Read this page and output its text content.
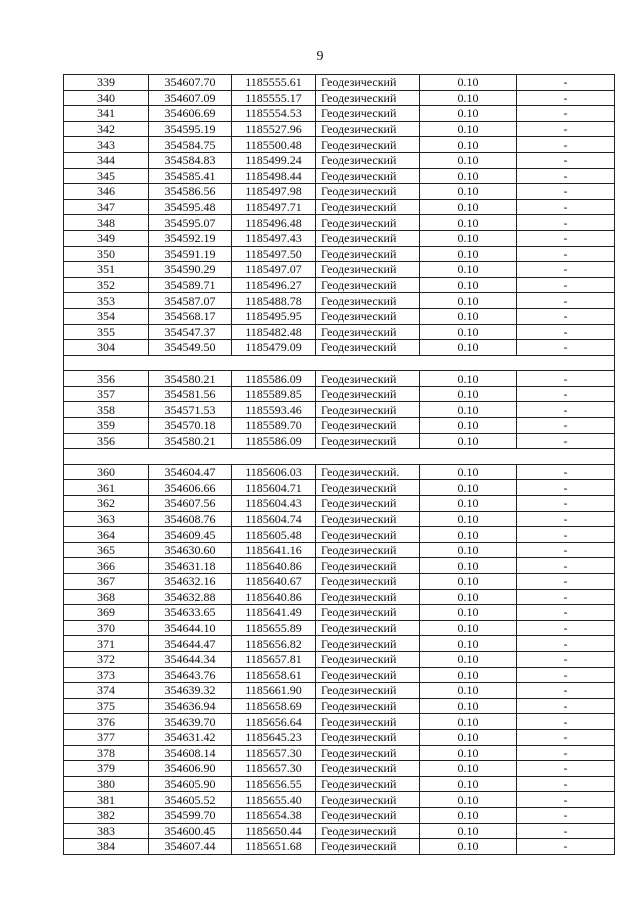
9
339	354607.70	1185555.61	Геодезический	0.10	-
340	354607.09	1185555.17	Геодезический	0.10	-
341	354606.69	1185554.53	Геодезический	0.10	-
342	354595.19	1185527.96	Геодезический	0.10	-
343	354584.75	1185500.48	Геодезический	0.10	-
344	354584.83	1185499.24	Геодезический	0.10	-
345	354585.41	1185498.44	Геодезический	0.10	-
346	354586.56	1185497.98	Геодезический	0.10	-
347	354595.48	1185497.71	Геодезический	0.10	-
348	354595.07	1185496.48	Геодезический	0.10	-
349	354592.19	1185497.43	Геодезический	0.10	-
350	354591.19	1185497.50	Геодезический	0.10	-
351	354590.29	1185497.07	Геодезический	0.10	-
352	354589.71	1185496.27	Геодезический	0.10	-
353	354587.07	1185488.78	Геодезический	0.10	-
354	354568.17	1185495.95	Геодезический	0.10	-
355	354547.37	1185482.48	Геодезический	0.10	-
304	354549.50	1185479.09	Геодезический	0.10	-

356	354580.21	1185586.09	Геодезический	0.10	-
357	354581.56	1185589.85	Геодезический	0.10	-
358	354571.53	1185593.46	Геодезический	0.10	-
359	354570.18	1185589.70	Геодезический	0.10	-
356	354580.21	1185586.09	Геодезический	0.10	-

360	354604.47	1185606.03	Геодезический.	0.10	-
361	354606.66	1185604.71	Геодезический	0.10	-
362	354607.56	1185604.43	Геодезический	0.10	-
363	354608.76	1185604.74	Геодезический	0.10	-
364	354609.45	1185605.48	Геодезический	0.10	-
365	354630.60	1185641.16	Геодезический	0.10	-
366	354631.18	1185640.86	Геодезический	0.10	-
367	354632.16	1185640.67	Геодезический	0.10	-
368	354632.88	1185640.86	Геодезический	0.10	-
369	354633.65	1185641.49	Геодезический	0.10	-
370	354644.10	1185655.89	Геодезический	0.10	-
371	354644.47	1185656.82	Геодезический	0.10	-
372	354644.34	1185657.81	Геодезический	0.10	-
373	354643.76	1185658.61	Геодезический	0.10	-
374	354639.32	1185661.90	Геодезический	0.10	-
375	354636.94	1185658.69	Геодезический	0.10	-
376	354639.70	1185656.64	Геодезический	0.10	-
377	354631.42	1185645.23	Геодезический	0.10	-
378	354608.14	1185657.30	Геодезический	0.10	-
379	354606.90	1185657.30	Геодезический	0.10	-
380	354605.90	1185656.55	Геодезический	0.10	-
381	354605.52	1185655.40	Геодезический	0.10	-
382	354599.70	1185654.38	Геодезический	0.10	-
383	354600.45	1185650.44	Геодезический	0.10	-
384	354607.44	1185651.68	Геодезический	0.10	-
